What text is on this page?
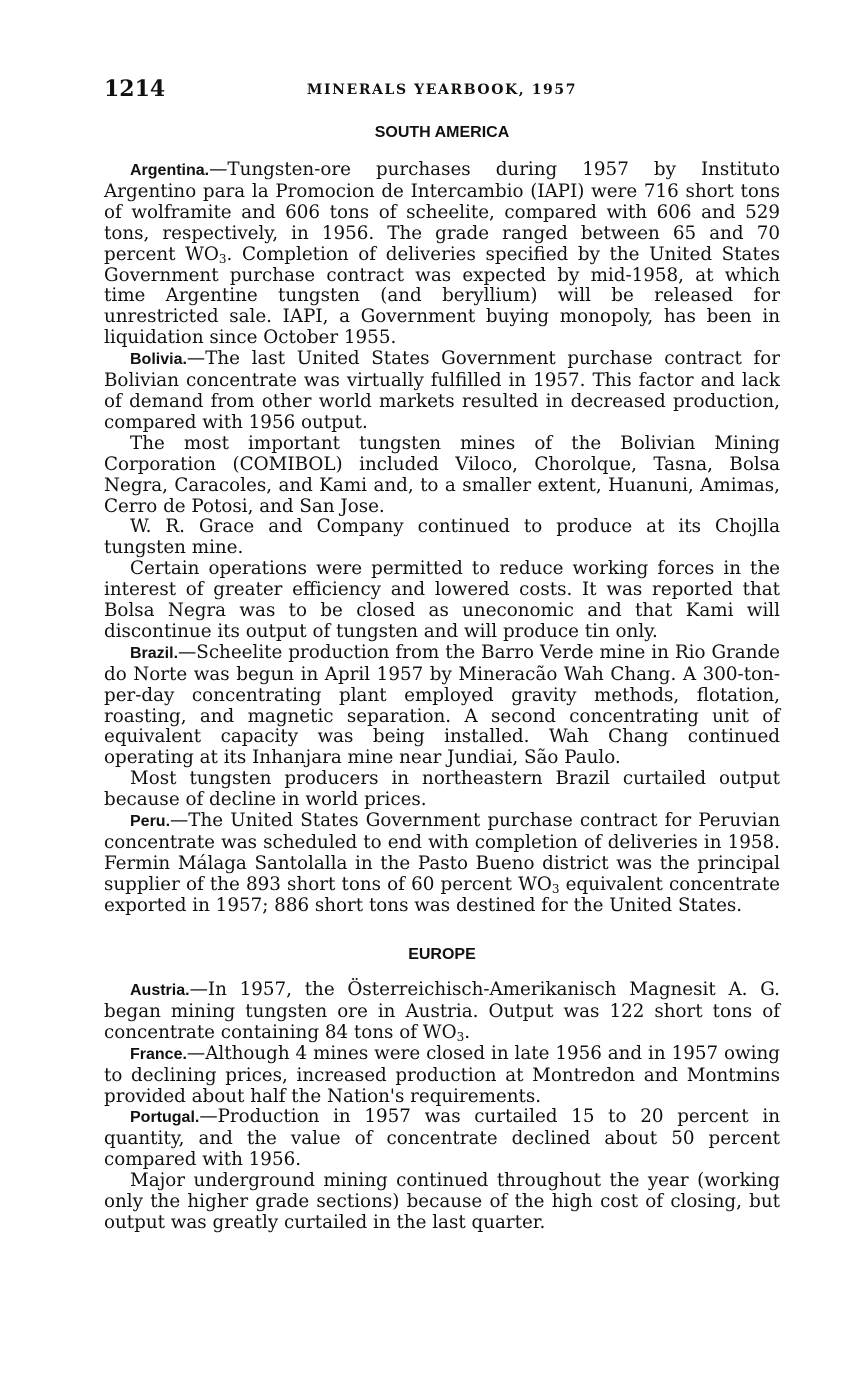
1214	MINERALS YEARBOOK, 1957
SOUTH AMERICA

Argentina.—Tungsten-ore purchases during 1957 by Instituto Argentino para la Promocion de Intercambio (IAPI) were 716 short tons of wolframite and 606 tons of scheelite, compared with 606 and 529 tons, respectively, in 1956. The grade ranged between 65 and 70 percent $WO_3$. Completion of deliveries specified by the United States Government purchase contract was expected by mid-1958, at which time Argentine tungsten (and beryllium) will be released for unrestricted sale. IAPI, a Government buying monopoly, has been in liquidation since October 1955.

Bolivia.—The last United States Government purchase contract for Bolivian concentrate was virtually fulfilled in 1957. This factor and lack of demand from other world markets resulted in decreased production, compared with 1956 output.

The most important tungsten mines of the Bolivian Mining Corporation (COMIBOL) included Viloco, Chorolque, Tasna, Bolsa Negra, Caracoles, and Kami and, to a smaller extent, Huanuni, Amimas, Cerro de Potosi, and San Jose.

W. R. Grace and Company continued to produce at its Chojlla tungsten mine.

Certain operations were permitted to reduce working forces in the interest of greater efficiency and lowered costs. It was reported that Bolsa Negra was to be closed as uneconomic and that Kami will discontinue its output of tungsten and will produce tin only.

Brazil.—Scheelite production from the Barro Verde mine in Rio Grande do Norte was begun in April 1957 by Mineracão Wah Chang. A 300-ton-per-day concentrating plant employed gravity methods, flotation, roasting, and magnetic separation. A second concentrating unit of equivalent capacity was being installed. Wah Chang continued operating at its Inhanjara mine near Jundiai, São Paulo.

Most tungsten producers in northeastern Brazil curtailed output because of decline in world prices.

Peru.—The United States Government purchase contract for Peruvian concentrate was scheduled to end with completion of deliveries in 1958. Fermin Málaga Santolalla in the Pasto Bueno district was the principal supplier of the 893 short tons of 60 percent $WO_3$ equivalent concentrate exported in 1957; 886 short tons was destined for the United States.

EUROPE

Austria.—In 1957, the Österreichisch-Amerikanisch Magnesit A. G. began mining tungsten ore in Austria. Output was 122 short tons of concentrate containing 84 tons of $WO_3$.

France.—Although 4 mines were closed in late 1956 and in 1957 owing to declining prices, increased production at Montredon and Montmins provided about half the Nation's requirements.

Portugal.—Production in 1957 was curtailed 15 to 20 percent in quantity, and the value of concentrate declined about 50 percent compared with 1956.

Major underground mining continued throughout the year (working only the higher grade sections) because of the high cost of closing, but output was greatly curtailed in the last quarter.
